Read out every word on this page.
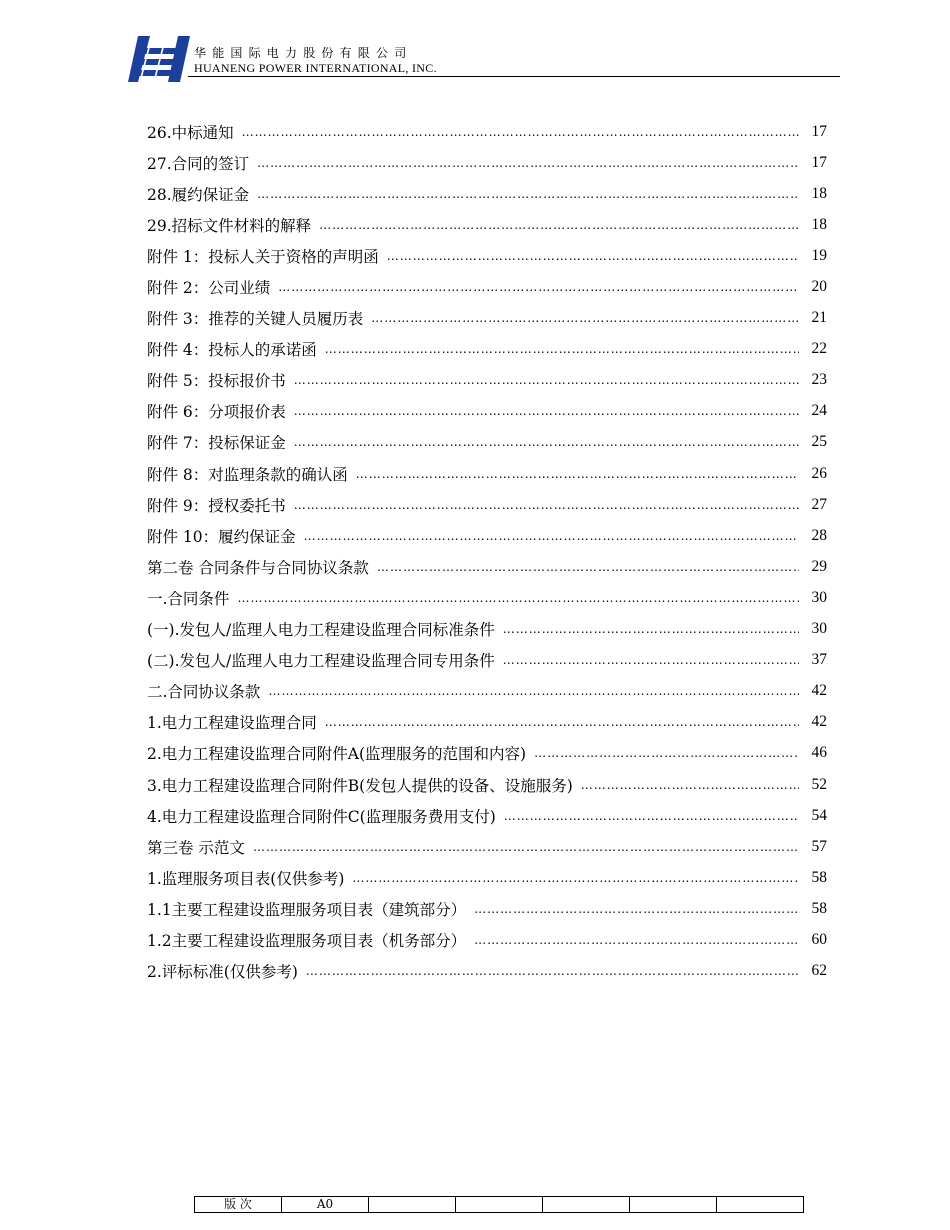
华能国际电力股份有限公司
HUANENG POWER INTERNATIONAL, INC.
26.中标通知 …………………………………………………………………………………………………………………………………………………………………………………………………………………………………………	17
27.合同的签订 …………………………………………………………………………………………………………………………………………………………………………………………………………………………………………	17
28.履约保证金 …………………………………………………………………………………………………………………………………………………………………………………………………………………………………………	18
29.招标文件材料的解释 …………………………………………………………………………………………………………………………………………………………………………………………………………………………………………	18
附件 1：投标人关于资格的声明函 …………………………………………………………………………………………………………………………………………………………………………………………………………………………………………	19
附件 2：公司业绩 …………………………………………………………………………………………………………………………………………………………………………………………………………………………………………	20
附件 3：推荐的关键人员履历表 …………………………………………………………………………………………………………………………………………………………………………………………………………………………………………	21
附件 4：投标人的承诺函 …………………………………………………………………………………………………………………………………………………………………………………………………………………………………………	22
附件 5：投标报价书 …………………………………………………………………………………………………………………………………………………………………………………………………………………………………………	23
附件 6：分项报价表 …………………………………………………………………………………………………………………………………………………………………………………………………………………………………………	24
附件 7：投标保证金 …………………………………………………………………………………………………………………………………………………………………………………………………………………………………………	25
附件 8：对监理条款的确认函 …………………………………………………………………………………………………………………………………………………………………………………………………………………………………………	26
附件 9：授权委托书 …………………………………………………………………………………………………………………………………………………………………………………………………………………………………………	27
附件 10：履约保证金 …………………………………………………………………………………………………………………………………………………………………………………………………………………………………………	28
第二卷 合同条件与合同协议条款 …………………………………………………………………………………………………………………………………………………………………………………………………………………………………………	29
一.合同条件 …………………………………………………………………………………………………………………………………………………………………………………………………………………………………………	30
(一).发包人/监理人电力工程建设监理合同标准条件 …………………………………………………………………………………………………………………………………………………………………………………………………………………………………………	30
(二).发包人/监理人电力工程建设监理合同专用条件 …………………………………………………………………………………………………………………………………………………………………………………………………………………………………………	37
二.合同协议条款 …………………………………………………………………………………………………………………………………………………………………………………………………………………………………………	42
1.电力工程建设监理合同 …………………………………………………………………………………………………………………………………………………………………………………………………………………………………………	42
2.电力工程建设监理合同附件A(监理服务的范围和内容) …………………………………………………………………………………………………………………………………………………………………………………………………………………………………………	46
3.电力工程建设监理合同附件B(发包人提供的设备、设施服务) …………………………………………………………………………………………………………………………………………………………………………………………………………………………………………	52
4.电力工程建设监理合同附件C(监理服务费用支付) …………………………………………………………………………………………………………………………………………………………………………………………………………………………………………	54
第三卷 示范文 …………………………………………………………………………………………………………………………………………………………………………………………………………………………………………	57
1.监理服务项目表(仅供参考) …………………………………………………………………………………………………………………………………………………………………………………………………………………………………………	58
1.1主要工程建设监理服务项目表（建筑部分） …………………………………………………………………………………………………………………………………………………………………………………………………………………………………………	58
1.2主要工程建设监理服务项目表（机务部分） …………………………………………………………………………………………………………………………………………………………………………………………………………………………………………	60
2.评标标准(仅供参考) …………………………………………………………………………………………………………………………………………………………………………………………………………………………………………	62
版 次	A0					
